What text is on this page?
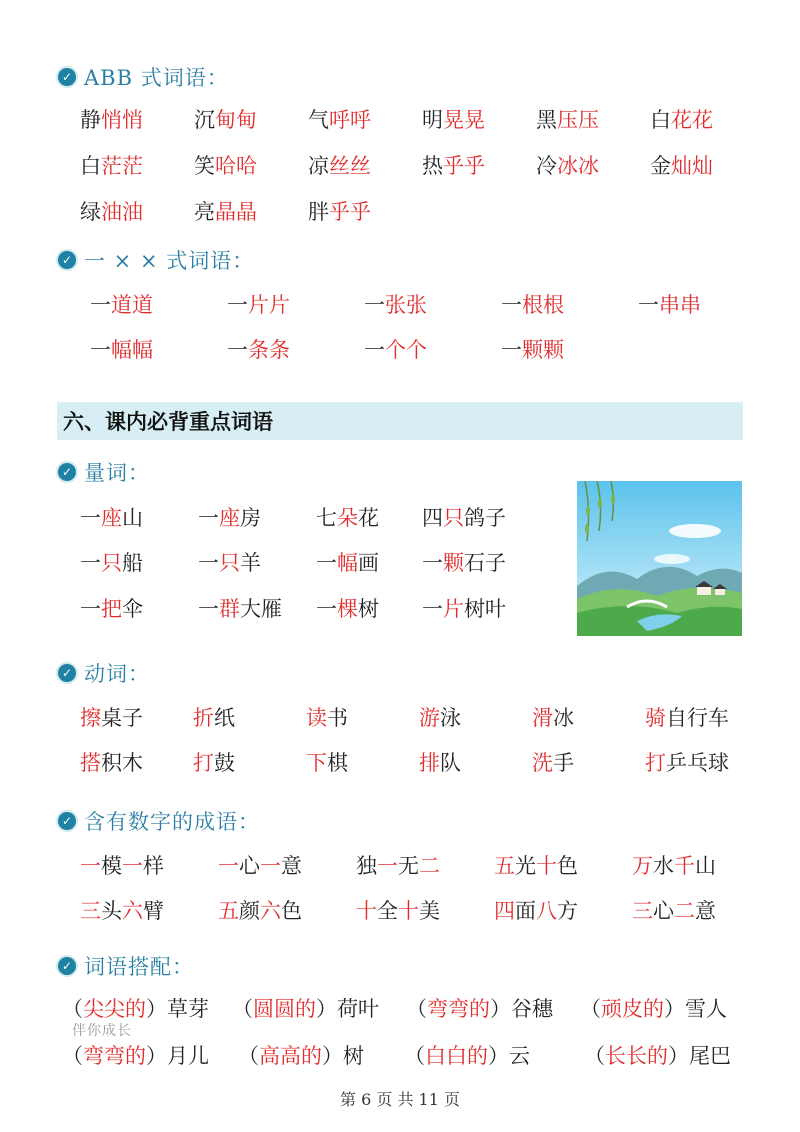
✓ ABB 式词语：
静悄悄	沉甸甸	气呼呼	明晃晃	黑压压	白花花
白茫茫	笑哈哈	凉丝丝	热乎乎	冷冰冰	金灿灿
绿油油	亮晶晶	胖乎乎
✓ 一 × × 式词语：
一道道	一片片	一张张	一根根	一串串
一幅幅	一条条	一个个	一颗颗
六、课内必背重点词语
✓ 量词：
一座山	一座房	七朵花	四只鸽子
一只船	一只羊	一幅画	一颗石子
一把伞	一群大雁	一棵树	一片树叶
✓ 动词：
擦桌子	折纸	读书	游泳	滑冰	骑自行车
搭积木	打鼓	下棋	排队	洗手	打乒乓球
✓ 含有数字的成语：
一模一样	一心一意	独一无二	五光十色	万水千山
三头六臂	五颜六色	十全十美	四面八方	三心二意
✓ 词语搭配：
（尖尖的）草芽	（圆圆的）荷叶	（弯弯的）谷穗	（顽皮的）雪人
（弯弯的）月儿	（高高的）树	（白白的）云	（长长的）尾巴
伴你成长
第 6 页 共 11 页
